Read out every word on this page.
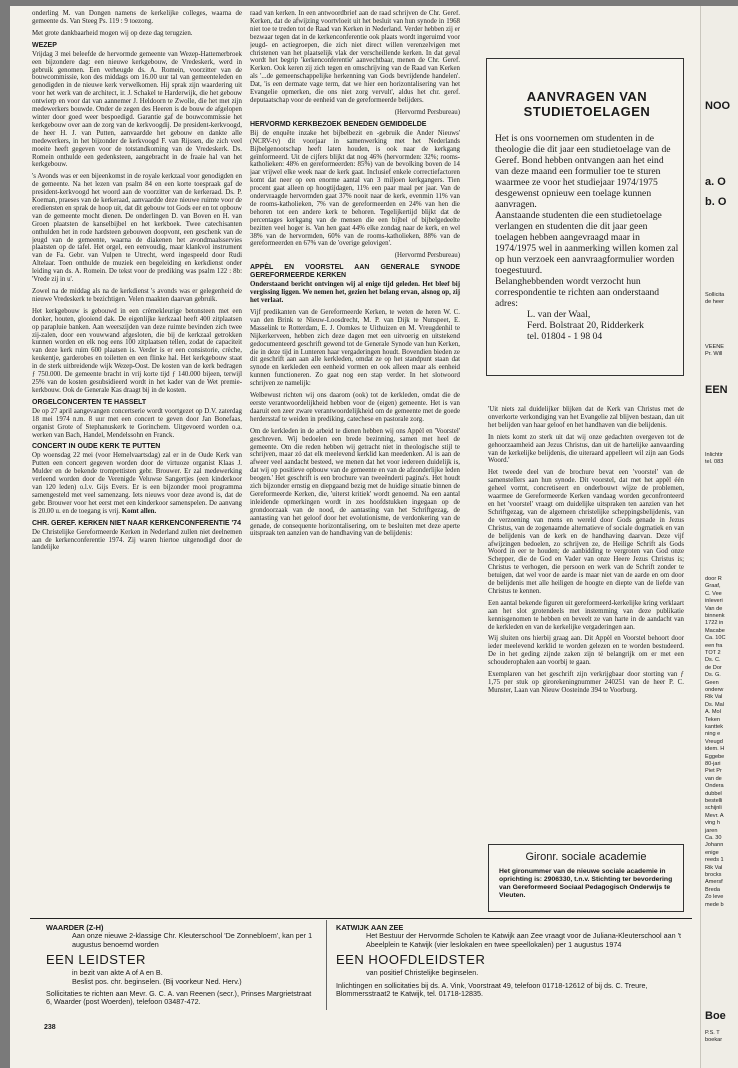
onderling M. van Dongen namens de kerkelijke colleges, waarna de gemeente ds. Van Steeg Ps. 119 : 9 toezong.

Met grote dankbaarheid mogen wij op deze dag terugzien.

WEZEP

Vrijdag 3 mei beleefde de hervormde gemeente van Wezep-Hattemerbroek een bijzondere dag: een nieuwe kerkgebouw, de Vredeskerk, werd in gebruik genomen. Een verheugde ds. A. Romein, voorzitter van de bouwcommissie, kon des middags om 16.00 uur tal van gemeenteleden en genodigden in de nieuwe kerk verwelkomen. Hij sprak zijn waardering uit voor het werk van de architect, ir. J. Schakel te Harderwijk, die het gebouw ontwierp en voor dat van aannemer J. Heldoorn te Zwolle, die het met zijn medewerkers bouwde. Onder de zegen des Heeren is de bouw de afgelopen winter door goed weer bespoedigd. Garantie gaf de bouwcommissie het kerkgebouw over aan de zorg van de kerkvoogdij. De president-kerkvoogd, de heer H. J. van Putten, aanvaardde het gebouw en dankte alle medewerkers, in het bijzonder de kerkvoogd F. van Rijssen, die zich veel moeite heeft gegeven voor de totstandkoming van de Vredeskerk. Ds. Romein onthulde een gedenksteen, aangebracht in de fraaie hal van het kerkgebouw.

's Avonds was er een bijeenkomst in de royale kerkzaal voor genodigden en de gemeente. Na het lezen van psalm 84 en een korte toespraak gaf de president-kerkvoogd het woord aan de voorzitter van de kerkeraad. Ds. P. Koeman, praeses van de kerkeraad, aanvaardde deze nieuwe ruimte voor de erediensten en sprak de hoop uit, dat dit gebouw tot Gods eer en tot opbouw van de gemeente mocht dienen. De onderlingen D. van Boven en H. van Groen plaatsten de kanselbijbel en het kerkboek. Twee catechisanten onthulden het in rode hardsteen gebouwen doopvont, een geschenk van de jeugd van de gemeente, waarna de diakenen het avondmaalsservies plaatsten op de tafel. Het orgel, een eenvoudig, maar klankvol instrument van de Fa. Gebr. van Vulpen te Utrecht, werd ingespeeld door Rudi Altelaar. Toen onthulde de muziek een begeleiding en kerkdienst onder leiding van ds. A. Romein. De tekst voor de prediking was psalm 122 : 8b: 'Vrede zij in u'.

Zowel na de middag als na de kerkdienst 's avonds was er gelegenheid de nieuwe Vredeskerk te bezichtigen. Velen maakten daarvan gebruik.

Het kerkgebouw is gebouwd in een crèmekleurige betonsteen met een donker, houten, glooiend dak. De eigenlijke kerkzaal heeft 400 zitplaatsen op parapluie banken. Aan weerszijden van deze ruimte bevinden zich twee zij-zalen, door een vouwwand afgesloten, die bij de kerkzaal getrokken kunnen worden en elk nog eens 100 zitplaatsen tellen, zodat de capaciteit van deze kerk ruim 600 plaatsen is. Verder is er een consistorie, crèche, keukentje, garderobes en toiletten en een flinke hal. Het kerkgebouw staat in de sterk uitbreidende wijk Wezep-Oost. De kosten van de kerk bedragen ƒ 750.000. De gemeente bracht in vrij korte tijd ƒ 140.000 bijeen, terwijl 25% van de kosten gesubsidieerd wordt in het kader van de Wet premie-kerkbouw. Ook de Generale Kas draagt bij in de kosten.

ORGELCONCERTEN TE HASSELT

De op 27 april aangevangen concertserie wordt voortgezet op D.V. zaterdag 18 mei 1974 n.m. 8 uur met een concert te geven door Jan Bonefaas, organist Grote of Stephanuskerk te Gorinchem. Uitgevoerd worden o.a. werken van Bach, Handel, Mendelssohn en Franck.

CONCERT IN OUDE KERK TE PUTTEN

Op woensdag 22 mei (voor Hemelvaartsdag) zal er in de Oude Kerk van Putten een concert gegeven worden door de virtuoze organist Klaas J. Mulder en de bekende trompettisten gebr. Brouwer. Er zal medewerking verleend worden door de Verenigde Veluwse Sangertjes (een kinderkoor van 120 leden) o.l.v. Gijs Evers. Er is een bijzonder mooi programma samengesteld met veel samenzang. Iets nieuws voor deze avond is, dat de gebr. Brouwer voor het eerst met een kinderkoor samenspelen. De aanvang is 20.00 u. en de toegang is vrij. Komt allen.

CHR. GEREF. KERKEN NIET NAAR KERKENCONFERENTIE '74

De Christelijke Gereformeerde Kerken in Nederland zullen niet deelnemen aan de kerkenconferentie 1974. Zij waren hiertoe uitgenodigd door de landelijke

raad van kerken. In een antwoordbrief aan de raad schrijven de Chr. Geref. Kerken, dat de afwijzing voortvloeit uit het besluit van hun synode in 1968 niet toe te treden tot de Raad van Kerken in Nederland. Verder hebben zij er bezwaar tegen dat in de kerkenconferentie ook plaats wordt ingeruimd voor jeugd- en actiegroepen, die zich niet direct willen verenzelvigen met christenen van het plaatselijk vlak der verscheillende kerken. In dat geval wordt het begrip 'kerkenconferentie' aanvechtbaar, menen de Chr. Geref. Kerken. Ook keren zij zich tegen en omschrijving van de Raad van Kerken als '...de gemeenschappelijke herkenning van Gods bevrijdende handelen'. Dat, 'is een dermate vage term, dat we hier een horizontalisering van het Evangelie opmerken, die ons niet zorg vervult', aldus het chr. geref. deputaatschap voor de eenheid van de gereformeerde belijders.

(Hervormd Persbureau)

HERVORMD KERKBEZOEK BENEDEN GEMIDDELDE

Bij de enquête inzake het bijbelbezit en -gebruik die Ander Nieuws' (NCRV-tv) dit voorjaar in samenwerking met het Nederlands Bijbelgenootschap heeft laten houden, is ook naar de kerkgang geïnformeerd. Uit de cijfers blijkt dat nog 46% (hervormden: 32%; rooms-katholieken: 48% en gereformeerden: 85%) van de bevolking boven de 14 jaar vrijwel elke week naar de kerk gaat. Inclusief enkele correctiefactoren komt dat neer op een enorme aantal van 3 miljoen kerkgangers. Tien procent gaat alleen op hoogtijdagen, 11% een paar maal per jaar. Van de ondervraagde hervormden gaat 37% nooit naar de kerk, evenmin 11% van de rooms-katholieken, 7% van de gereformeerden en 24% van hen die behoren tot een andere kerk te behoren. Tegelijkertijd blijkt dat de percentages kerkgang van de mensen die een bijbel of bijbelgedeelte bezitten veel hoger is. Van hen gaat 44% elke zondag naar de kerk, en wel 38% van de hervormden, 60% van de rooms-katholieken, 88% van de gereformeerden en 67% van de 'overige gelovigen'.

(Hervormd Persbureau)

APPÈL EN VOORSTEL AAN GENERALE SYNODE GEREFORMEERDE KERKEN

Onderstaand bericht ontvingen wij al enige tijd geleden. Het bleef bij vergissing liggen. We nemen het, gezien het belang ervan, alsnog op, zij het verlaat.

Vijf predikanten van de Gereformeerde Kerken, te weten de heren W. C. van den Brink te Nieuw-Loosdrecht, M. P. van Dijk te Nunspeet, E. Masselink te Rotterdam, E. J. Oomkes te Uithuizen en M. Vreugdenhil te Nijkerkerveen, hebben zich deze dagen met een uitvoerig en uitstekend gedocumenteerd geschrift gewend tot de Generale Synode van hun Kerken, die in deze tijd in Lunteren haar vergaderingen houdt. Bovendien bieden ze dit geschrift aan aan alle kerkleden, omdat ze op het standpunt staan dat synode en kerkleden een eenheid vormen en ook alleen maar als eenheid kunnen functioneren. Zo gaat nog een stap verder. In het slotwoord schrijven ze namelijk:

Welbewust richten wij ons daarom (ook) tot de kerkleden, omdat die de eerste verantwoordelijkheid hebben voor de (eigen) gemeente. Het is van daaruit een zeer zware verantwoordelijkheid om de gemeente met de goede herdersstaf te weiden in prediking, catechese en pastorale zorg.

Om de kerkleden in de arbeid te dienen hebben wij ons Appèl en 'Voorstel' geschreven. Wij bedoelen een brede bezinning, samen met heel de gemeente. Om die reden hebben wij getracht niet in theologische stijl te schrijven, maar zó dat elk meelevend kerklid kan meedenken. Al is aan de afweer veel aandacht besteed, we menen dat het voor iedereen duidelijk is, dat wij op positieve opbouw van de gemeente en van de afzonderlijke leden beogen.' Het geschrift is een brochure van tweeënderti pagina's. Het houdt zich bijzonder ernstig en diepgaand bezig met de huidige situatie binnen de Gereformeerde Kerken, die, 'uiterst kritiek' wordt genoemd. Na een aantal inleidende opmerkingen wordt in zes hoofdstukken ingegaan op de grondoorzaak van de nood, de aantasting van het Schriftgezag, de aantasting van het geloof door het evolutionisme, de verdonkering van de genade, de consequente horizontalisering, om te besluiten met deze aperte uitspraak ten aanzien van de handhaving van de belijdenis:

AANVRAGEN VAN STUDIETOELAGEN

Het is ons voornemen om studenten in de theologie die dit jaar een studietoelage van de Geref. Bond hebben ontvangen aan het eind van deze maand een formulier toe te sturen waarmee ze voor het studiejaar 1974/1975 desgewenst opnieuw een toelage kunnen aanvragen.

Aanstaande studenten die een studietoelage verlangen en studenten die dit jaar geen toelagen hebben aangevraagd maar in 1974/1975 wel in aanmerking willen komen zal op hun verzoek een aanvraagformulier worden toegestuurd.

Belanghebbenden wordt verzocht hun correspondentie te richten aan onderstaand adres:

L. van der Waal,

Ferd. Bolstraat 20, Ridderkerk

tel. 01804 - 1 98 04

'Uit niets zal duidelijker blijken dat de Kerk van Christus met de onverkorte verkondiging van het Evangelie zal blijven bestaan, dan uit het belijden van haar geloof en het handhaven van die belijdenis.

In niets komt zo sterk uit dat wij onze gedachten overgeven tot de gehoorzaamheid aan Jezus Christus, dan uit de hartelijke aanvaarding van de kerkelijke belijdenis, die uiteraard appelleert wil zijn aan Gods Woord.'

Het tweede deel van de brochure bevat een 'voorstel' van de samenstellers aan hun synode. Dit voorstel, dat met het appèl één geheel vormt, concretiseert en onderbouwt wijze de problemen, waarmee de Gereformeerde Kerken vandaag worden geconfronteerd en het 'voorstel' vraagt om duidelijke uitspraken ten aanzien van het Schriftgezag, van de algemeen christelijke scheppingsbelijdenis, van de verzoening van mens en wereld door Gods genade in Jezus Christus, van de zogenaamde alternatieve of sociale dogmatiek en van de belijdenis van de kerk en de handhaving daarvan. Deze vijf afwijzingen bedoelen, zo schrijven ze, de Heilige Schrift als Gods Woord in eer te houden; de aanbidding te vergroten van God onze Schepper, die de God en Vader van onze Heere Jezus Christus is; Christus te verhogen, die persoon en werk van de Schrift zonder te betuigen, dat wel voor de aarde is maar niet van de aarde en om door de belijdenis met alle heiligen de hoogte en diepte van de liefde van Christus te kennen.

Een aantal bekende figuren uit gereformeerd-kerkelijke kring verklaart aan het slot grotendeels met instemming van deze publikatie kennisgenomen te hebben en beveelt ze van harte in de aandacht van de kerkleden en van de kerkelijke vergaderingen aan.

Wij sluiten ons hierbij graag aan. Dit Appèl en Voorstel behoort door ieder meelevend kerklid te worden gelezen en te worden bestudeerd. De in het geding zijnde zaken zijn té belangrijk om er met een schouderophalen aan voorbij te gaan.

Exemplaren van het geschrift zijn verkrijgbaar door storting van ƒ 1,75 per stuk op girorekeningnummer 240251 van de heer P. C. Munster, Laan van Nieuw Oosteinde 394 te Voorburg.

Gironr. sociale academie
Het gironummer van de nieuwe sociale academie in oprichting is: 2906330, t.n.v. Stichting ter bevordering van Gereformeerd Sociaal Pedagogisch Onderwijs te Vleuten.
WAARDER (Z-H)
Aan onze nieuwe 2-klassige Chr. Kleuterschool 'De Zonnebloem', kan per 1 augustus benoemd worden
EEN LEIDSTER
in bezit van akte A of A en B.
Beslist pos. chr. beginselen. (Bij voorkeur Ned. Herv.)
Sollicitaties te richten aan Mevr. G. C. A. van Reenen (secr.), Prinses Margrietstraat 6, Waarder (post Woerden), telefoon 03487-472.
KATWIJK AAN ZEE
Het Bestuur der Hervormde Scholen te Katwijk aan Zee vraagt voor de Juliana-Kleuterschool aan 't Abeelplein te Katwijk (vier leslokalen en twee speellokalen) per 1 augustus 1974
EEN HOOFDLEIDSTER
van positief Christelijke beginselen.
Inlichtingen en sollicitaties bij ds. A. Vink, Voorstraat 49, telefoon 01718-12612 of bij ds. C. Treure, Blommersstraat2 te Katwijk, tel. 01718-12835.
238
NOO
a. O
b. O
Sollicita
de heer
VEENE
Pr. Will
EEN
Inlichtir
tel. 083
door R
Graaf,
C. Vee
inleveri
Van de
binnenk
1722 in
Macabe
Ca. 10C
een fra
TOT 2
Ds. C.
de Dor
Ds. G.
Geen
onderw
Rik Val
Ds. Mal
A. Mol
Teken
kanttek
ning e
Vreugd
idem. H
Eggebe
80-jari
Piet Pr
van de
Ondera
dubbel
bestelli
schijnli
Mevr. A
ving h
jaren
Ca. 30
Johann
enige
reeds 1
Rik Val
brocks
Amersf
Breda
Zo leve
mede b
Boe
P.S. T
boekar
